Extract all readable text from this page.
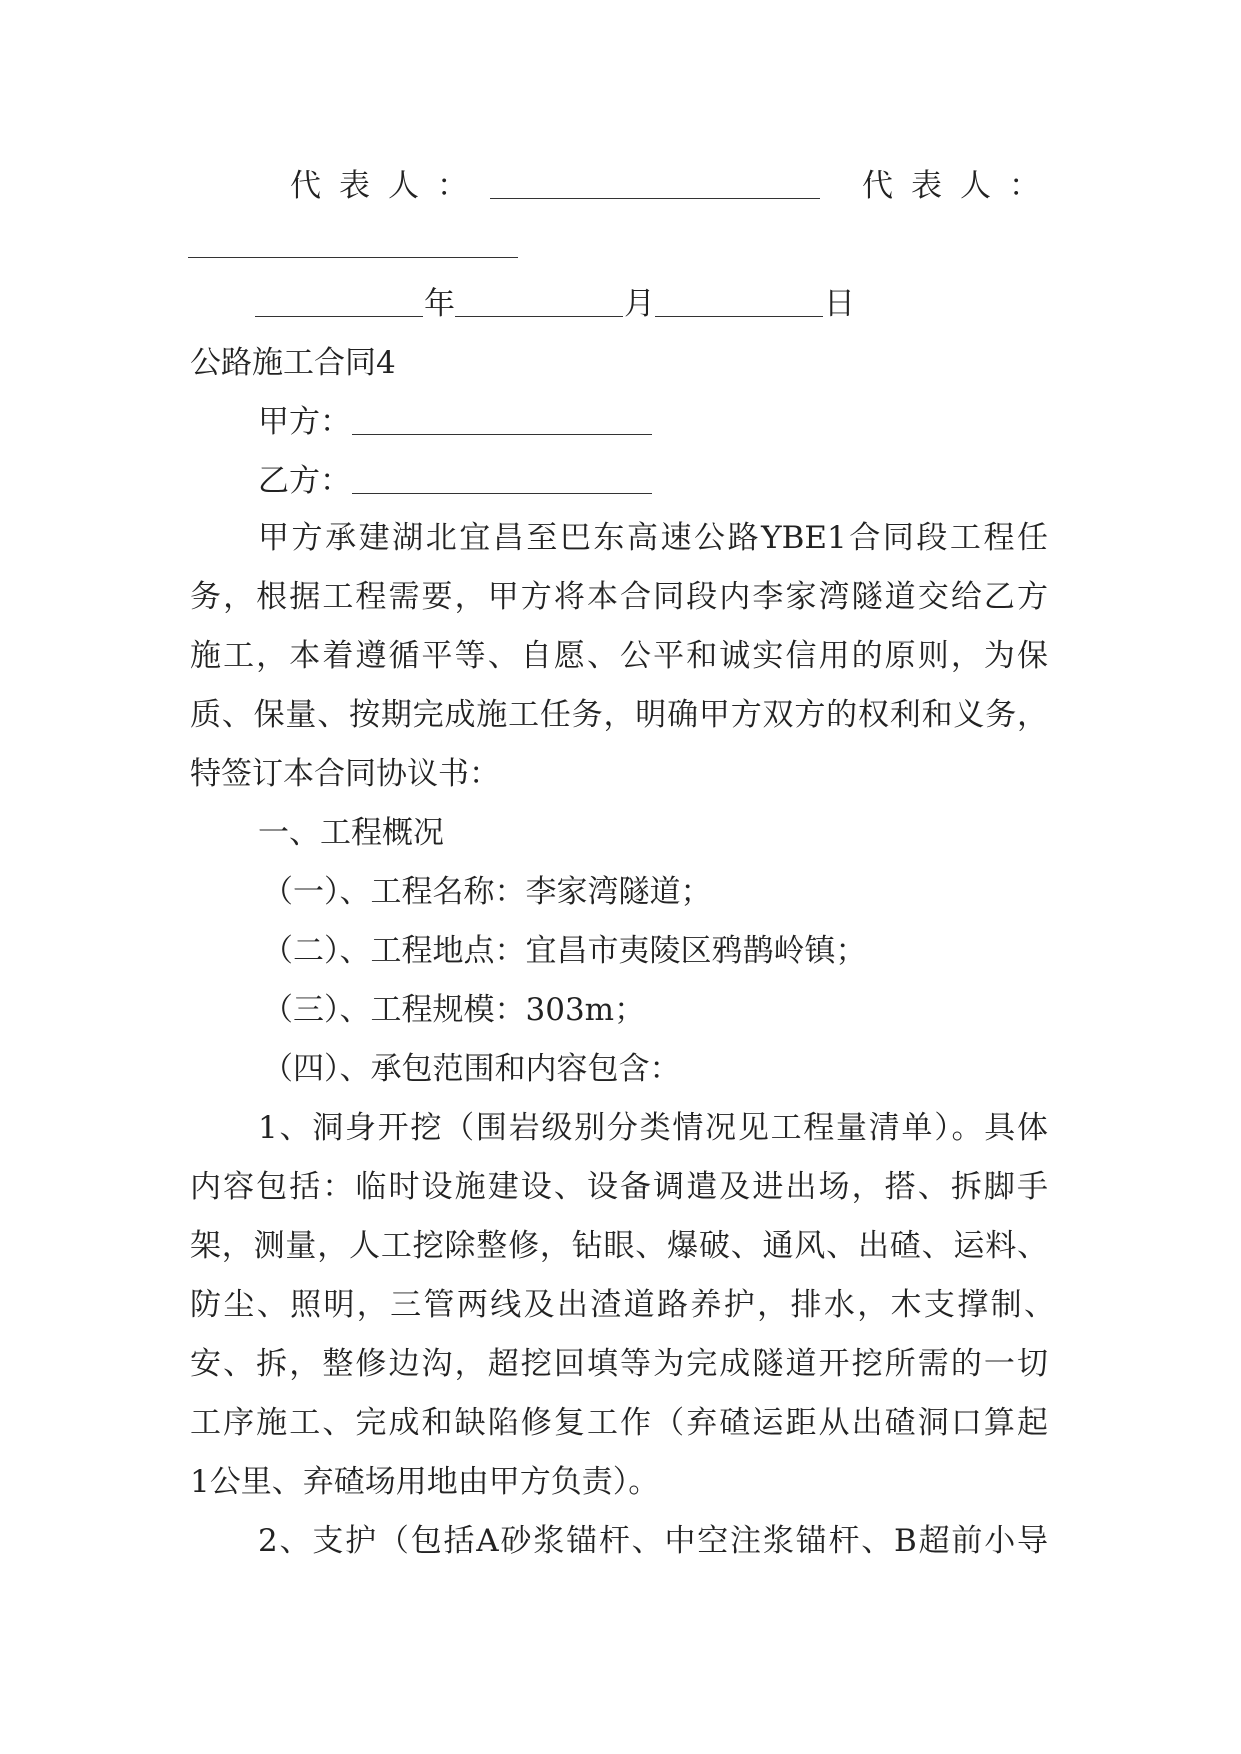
代表人：	代表人：
年	月	日
公路施工合同4
甲方：
乙方：
甲方承建湖北宜昌至巴东高速公路YBE1合同段工程任
务，根据工程需要，甲方将本合同段内李家湾隧道交给乙方
施工，本着遵循平等、自愿、公平和诚实信用的原则，为保
质、保量、按期完成施工任务，明确甲方双方的权利和义务，
特签订本合同协议书：
一、工程概况
（一）、工程名称：李家湾隧道；
（二）、工程地点：宜昌市夷陵区鸦鹊岭镇；
（三）、工程规模：303m；
（四）、承包范围和内容包含：
1、洞身开挖（围岩级别分类情况见工程量清单）。具体
内容包括：临时设施建设、设备调遣及进出场，搭、拆脚手
架，测量，人工挖除整修，钻眼、爆破、通风、出碴、运料、
防尘、照明，三管两线及出渣道路养护，排水，木支撑制、
安、拆，整修边沟，超挖回填等为完成隧道开挖所需的一切
工序施工、完成和缺陷修复工作（弃碴运距从出碴洞口算起
1公里、弃碴场用地由甲方负责）。
2、支护（包括A砂浆锚杆、中空注浆锚杆、B超前小导
